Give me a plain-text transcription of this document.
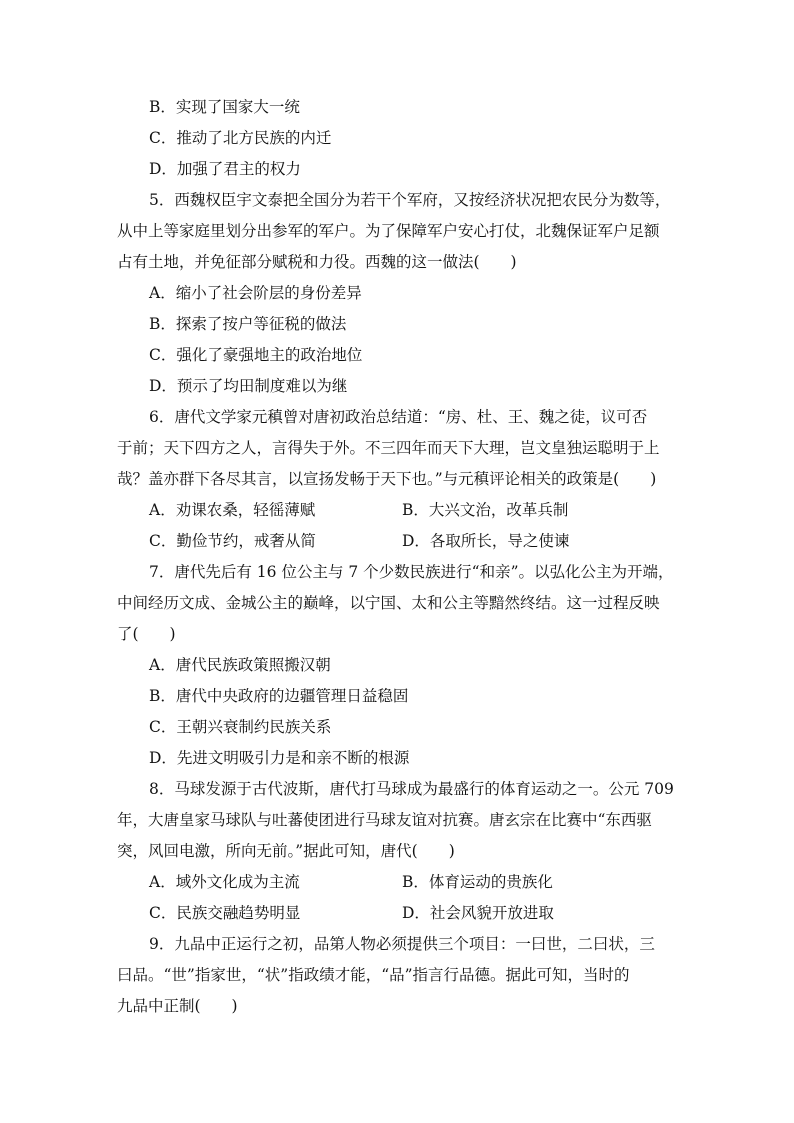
B．实现了国家大一统
C．推动了北方民族的内迁
D．加强了君主的权力
5．西魏权臣宇文泰把全国分为若干个军府，又按经济状况把农民分为数等，
从中上等家庭里划分出参军的军户。为了保障军户安心打仗，北魏保证军户足额
占有土地，并免征部分赋税和力役。西魏的这一做法(　　)
A．缩小了社会阶层的身份差异
B．探索了按户等征税的做法
C．强化了豪强地主的政治地位
D．预示了均田制度难以为继
6．唐代文学家元稹曾对唐初政治总结道：“房、杜、王、魏之徒，议可否
于前；天下四方之人，言得失于外。不三四年而天下大理，岂文皇独运聪明于上
哉？盖亦群下各尽其言，以宣扬发畅于天下也。”与元稹评论相关的政策是(　　)
A．劝课农桑，轻徭薄赋	B．大兴文治，改革兵制
C．勤俭节约，戒奢从简	D．各取所长，导之使谏
7．唐代先后有 16 位公主与 7 个少数民族进行“和亲”。以弘化公主为开端，
中间经历文成、金城公主的巅峰，以宁国、太和公主等黯然终结。这一过程反映
了(　　)
A．唐代民族政策照搬汉朝
B．唐代中央政府的边疆管理日益稳固
C．王朝兴衰制约民族关系
D．先进文明吸引力是和亲不断的根源
8．马球发源于古代波斯，唐代打马球成为最盛行的体育运动之一。公元 709
年，大唐皇家马球队与吐蕃使团进行马球友谊对抗赛。唐玄宗在比赛中“东西驱
突，风回电激，所向无前。”据此可知，唐代(　　)
A．域外文化成为主流	B．体育运动的贵族化
C．民族交融趋势明显	D．社会风貌开放进取
9．九品中正运行之初，品第人物必须提供三个项目：一曰世，二曰状，三
曰品。“世”指家世，“状”指政绩才能，“品”指言行品德。据此可知，当时的
九品中正制(　　)
